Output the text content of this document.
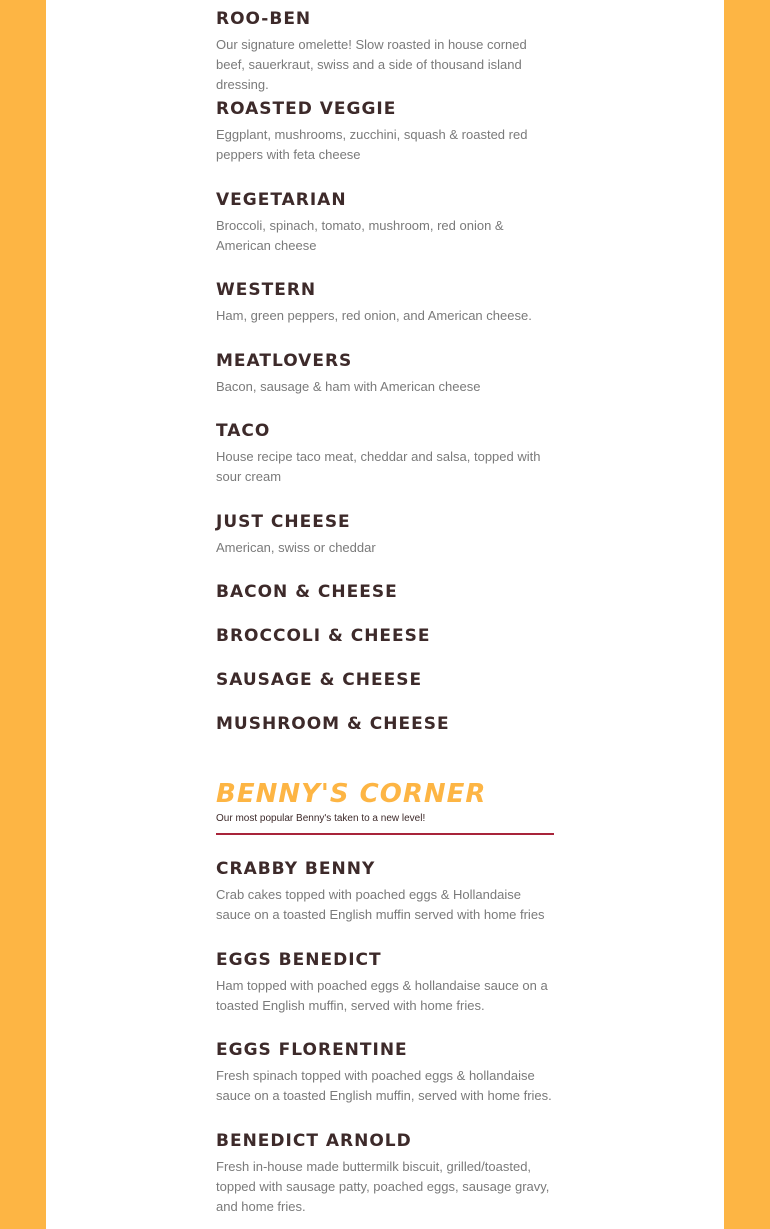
ROO-BEN

Our signature omelette! Slow roasted in house corned beef, sauerkraut, swiss and a side of thousand island dressing.

ROASTED VEGGIE

Eggplant, mushrooms, zucchini, squash & roasted red peppers with feta cheese

VEGETARIAN

Broccoli, spinach, tomato, mushroom, red onion & American cheese

WESTERN

Ham, green peppers, red onion, and American cheese.

MEATLOVERS

Bacon, sausage & ham with American cheese

TACO

House recipe taco meat, cheddar and salsa, topped with sour cream

JUST CHEESE

American, swiss or cheddar

BACON & CHEESE
BROCCOLI & CHEESE
SAUSAGE & CHEESE
MUSHROOM & CHEESE
BENNY'S CORNER

Our most popular Benny's taken to a new level!

CRABBY BENNY

Crab cakes topped with poached eggs & Hollandaise sauce on a toasted English muffin served with home fries

EGGS BENEDICT

Ham topped with poached eggs & hollandaise sauce on a toasted English muffin, served with home fries.

EGGS FLORENTINE

Fresh spinach topped with poached eggs & hollandaise sauce on a toasted English muffin, served with home fries.

BENEDICT ARNOLD

Fresh in-house made buttermilk biscuit, grilled/toasted, topped with sausage patty, poached eggs, sausage gravy, and home fries.
